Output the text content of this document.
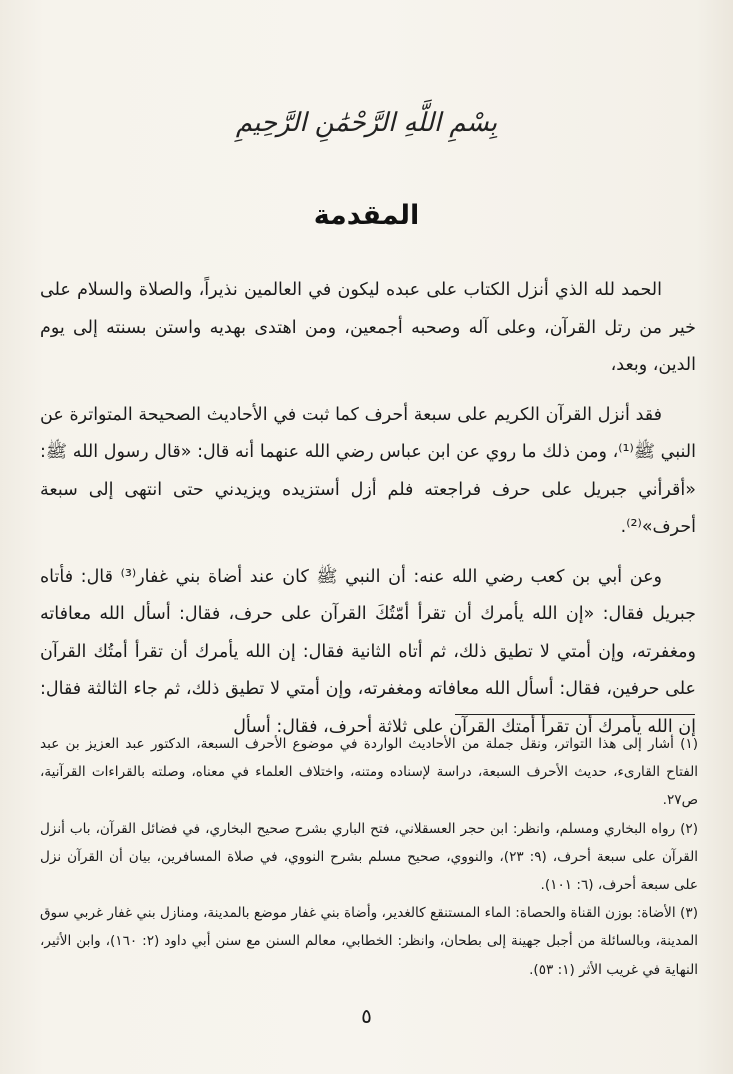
بِسْمِ اللَّهِ الرَّحْمَٰنِ الرَّحِيمِ
المقدمة

الحمد لله الذي أنزل الكتاب على عبده ليكون في العالمين نذيراً، والصلاة والسلام على خير من رتل القرآن، وعلى آله وصحبه أجمعين، ومن اهتدى بهديه واستن بسنته إلى يوم الدين، وبعد،

فقد أنزل القرآن الكريم على سبعة أحرف كما ثبت في الأحاديث الصحيحة المتواترة عن النبي ﷺ⁽¹⁾، ومن ذلك ما روي عن ابن عباس رضي الله عنهما أنه قال: «قال رسول الله ﷺ: «أقرأني جبريل على حرف فراجعته فلم أزل أستزيده ويزيدني حتى انتهى إلى سبعة أحرف»⁽²⁾.

وعن أبي بن كعب رضي الله عنه: أن النبي ﷺ كان عند أضاة بني غفار⁽³⁾ قال: فأتاه جبريل فقال: «إن الله يأمرك أن تقرأ أمّتُكَ القرآن على حرف، فقال: أسأل الله معافاته ومغفرته، وإن أمتي لا تطيق ذلك، ثم أتاه الثانية فقال: إن الله يأمرك أن تقرأ أمتُك القرآن على حرفين، فقال: أسأل الله معافاته ومغفرته، وإن أمتي لا تطيق ذلك، ثم جاء الثالثة فقال: إن الله يأمرك أن تقرأ أمتك القرآن على ثلاثة أحرف، فقال: أسأل

(١) أشار إلى هذا التواتر، ونقل جملة من الأحاديث الواردة في موضوع الأحرف السبعة، الدكتور عبد العزيز بن عبد الفتاح القارىء، حديث الأحرف السبعة، دراسة لإسناده ومتنه، واختلاف العلماء في معناه، وصلته بالقراءات القرآنية، ص٢٧.

(٢) رواه البخاري ومسلم، وانظر: ابن حجر العسقلاني، فتح الباري بشرح صحيح البخاري، في فضائل القرآن، باب أنزل القرآن على سبعة أحرف، (٩: ٢٣)، والنووي، صحيح مسلم بشرح النووي، في صلاة المسافرين، بيان أن القرآن نزل على سبعة أحرف، (٦: ١٠١).

(٣) الأضاة: بوزن القناة والحصاة: الماء المستنقع كالغدير، وأضاة بني غفار موضع بالمدينة، ومنازل بني غفار غربي سوق المدينة، وبالسائلة من أجبل جهينة إلى بطحان، وانظر: الخطابي، معالم السنن مع سنن أبي داود (٢: ١٦٠)، وابن الأثير، النهاية في غريب الأثر (١: ٥٣).

٥
